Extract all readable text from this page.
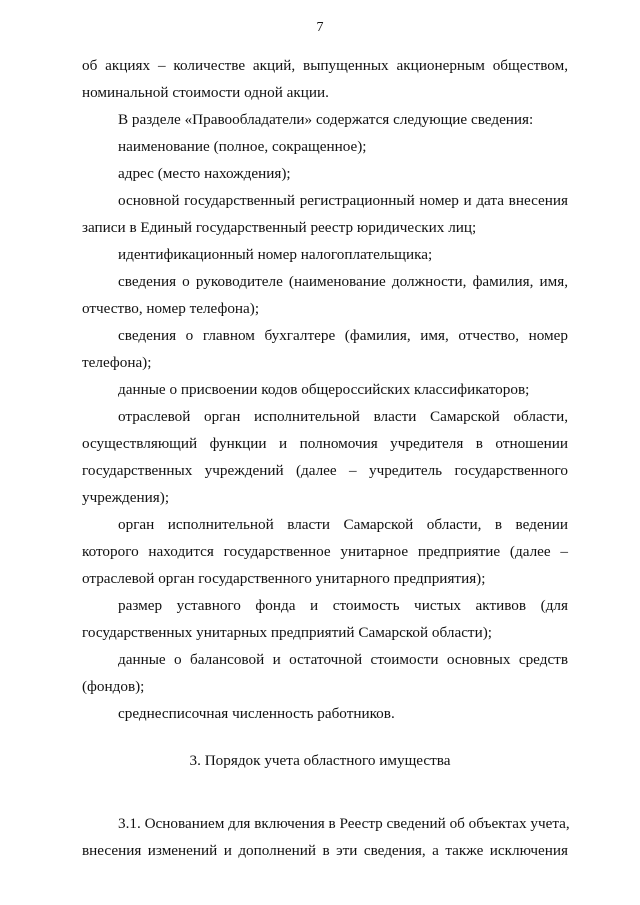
7
об акциях – количестве акций, выпущенных акционерным обществом,
номинальной стоимости одной акции.
В разделе «Правообладатели» содержатся следующие сведения:
наименование (полное, сокращенное);
адрес (место нахождения);
основной государственный регистрационный номер и дата внесения
записи в Единый государственный реестр юридических лиц;
идентификационный номер налогоплательщика;
сведения о руководителе (наименование должности, фамилия, имя,
отчество, номер телефона);
сведения о главном бухгалтере (фамилия, имя, отчество, номер
телефона);
данные о присвоении кодов общероссийских классификаторов;
отраслевой орган исполнительной власти Самарской области,
осуществляющий функции и полномочия учредителя в отношении
государственных учреждений (далее – учредитель государственного
учреждения);
орган исполнительной власти Самарской области, в ведении
которого находится государственное унитарное предприятие (далее –
отраслевой орган государственного унитарного предприятия);
размер уставного фонда и стоимость чистых активов (для
государственных унитарных предприятий Самарской области);
данные о балансовой и остаточной стоимости основных средств
(фондов);
среднесписочная численность работников.
3. Порядок учета областного имущества
3.1. Основанием для включения в Реестр сведений об объектах учета,
внесения изменений и дополнений в эти сведения, а также исключения
